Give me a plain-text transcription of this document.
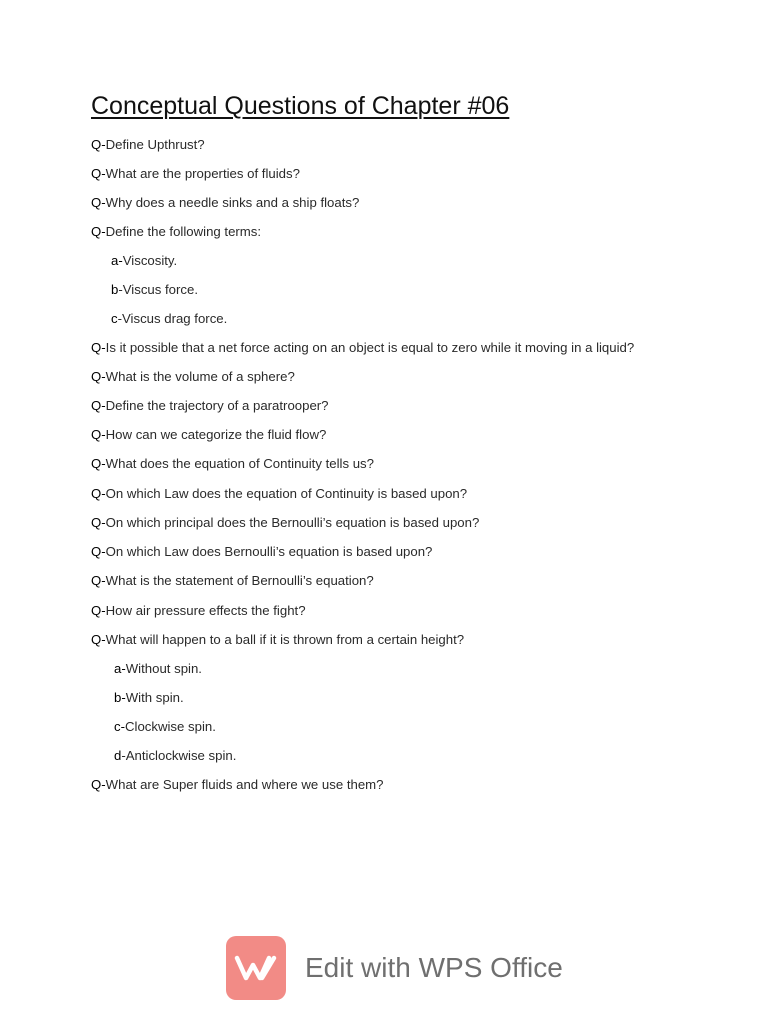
Conceptual Questions of Chapter #06
Q-Define Upthrust?
Q-What are the properties of fluids?
Q-Why does a needle sinks and a ship floats?
Q-Define the following terms:
a-Viscosity.
b-Viscus force.
c-Viscus drag force.
Q-Is it possible that a net force acting on an object is equal to zero while it moving in a liquid?
Q-What is the volume of a sphere?
Q-Define the trajectory of a paratrooper?
Q-How can we categorize the fluid flow?
Q-What does the equation of Continuity tells us?
Q-On which Law does the equation of Continuity is based upon?
Q-On which principal does the Bernoulli’s equation is based upon?
Q-On which Law does Bernoulli’s equation is based upon?
Q-What is the statement of Bernoulli’s equation?
Q-How air pressure effects the fight?
Q-What will happen to a ball if it is thrown from a certain height?
a-Without spin.
b-With spin.
c-Clockwise spin.
d-Anticlockwise spin.
Q-What are Super fluids and where we use them?
Edit with WPS Office
